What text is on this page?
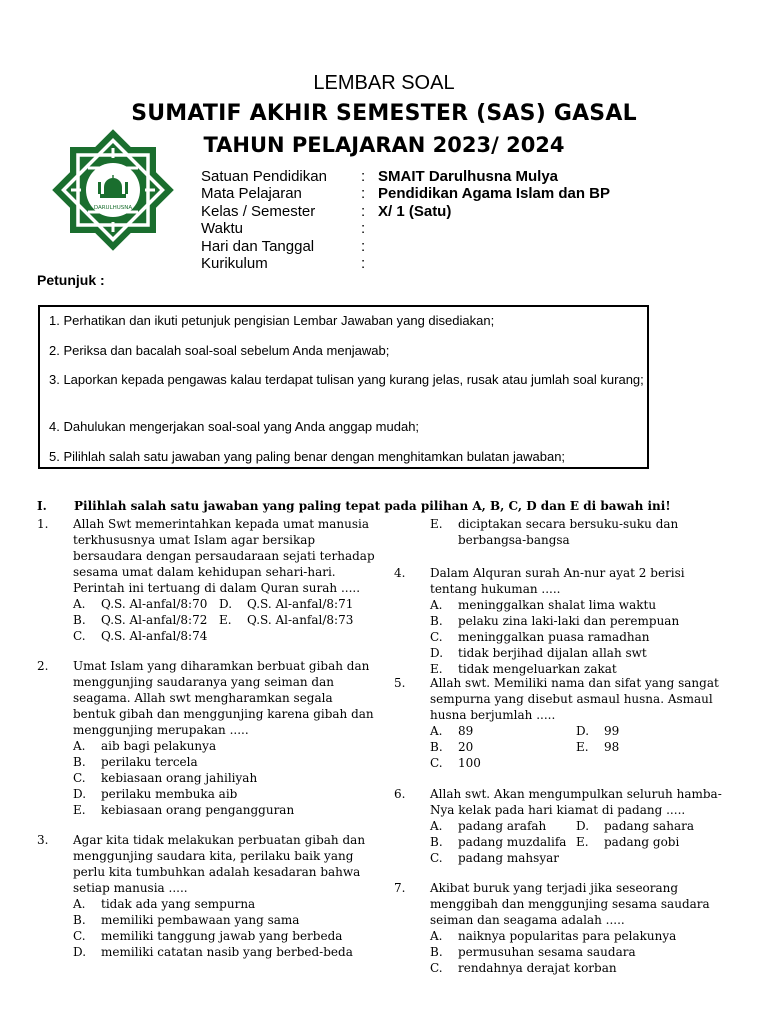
LEMBAR SOAL
SUMATIF AKHIR SEMESTER (SAS) GASAL
TAHUN PELAJARAN 2023/ 2024
DARULHUSNA
Satuan Pendidikan	: SMAIT Darulhusna Mulya
Mata Pelajaran	: Pendidikan Agama Islam dan BP
Kelas / Semester	: X/ 1 (Satu)
Waktu	:
Hari dan Tanggal	:
Kurikulum	:
Petunjuk :
1. Perhatikan dan ikuti petunjuk pengisian Lembar Jawaban yang disediakan;
2. Periksa dan bacalah soal-soal sebelum Anda menjawab;
3. Laporkan kepada pengawas kalau terdapat tulisan yang kurang jelas, rusak atau jumlah soal kurang;
4. Dahulukan mengerjakan soal-soal yang Anda anggap mudah;
5. Pilihlah salah satu jawaban yang paling benar dengan menghitamkan bulatan jawaban;
I. Pilihlah salah satu jawaban yang paling tepat pada pilihan A, B, C, D dan E di bawah ini!
1. Allah Swt memerintahkan kepada umat manusia terkhususnya umat Islam agar bersikap bersaudara dengan persaudaraan sejati terhadap sesama umat dalam kehidupan sehari-hari. Perintah ini tertuang di dalam Quran surah .....
A.	Q.S. Al-anfal/8:70 D.	Q.S. Al-anfal/8:71
B.	Q.S. Al-anfal/8:72 E.	Q.S. Al-anfal/8:73
C.	Q.S. Al-anfal/8:74
2. Umat Islam yang diharamkan berbuat gibah dan menggunjing saudaranya yang seiman dan seagama. Allah swt mengharamkan segala bentuk gibah dan menggunjing karena gibah dan menggunjing merupakan .....
A.	aib bagi pelakunya
B.	perilaku tercela
C.	kebiasaan orang jahiliyah
D.	perilaku membuka aib
E.	kebiasaan orang pengangguran
3. Agar kita tidak melakukan perbuatan gibah dan menggunjing saudara kita, perilaku baik yang perlu kita tumbuhkan adalah kesadaran bahwa setiap manusia .....
A.	tidak ada yang sempurna
B.	memiliki pembawaan yang sama
C.	memiliki tanggung jawab yang berbeda
D.	memiliki catatan nasib yang berbed-beda
E.	diciptakan secara bersuku-suku dan berbangsa-bangsa
4. Dalam Alquran surah An-nur ayat 2 berisi tentang hukuman .....
A.	meninggalkan shalat lima waktu
B.	pelaku zina laki-laki dan perempuan
C.	meninggalkan puasa ramadhan
D.	tidak berjihad dijalan allah swt
E.	tidak mengeluarkan zakat
5. Allah swt. Memiliki nama dan sifat yang sangat sempurna yang disebut asmaul husna. Asmaul husna berjumlah .....
A.	89	D.	99
B.	20	E.	98
C.	100
6. Allah swt. Akan mengumpulkan seluruh hamba-Nya kelak pada hari kiamat di padang .....
A.	padang arafah D.	padang sahara
B.	padang muzdalifa E.	padang gobi
C.	padang mahsyar
7. Akibat buruk yang terjadi jika seseorang menggibah dan menggunjing sesama saudara seiman dan seagama adalah .....
A.	naiknya popularitas para pelakunya
B.	permusuhan sesama saudara
C.	rendahnya derajat korban
